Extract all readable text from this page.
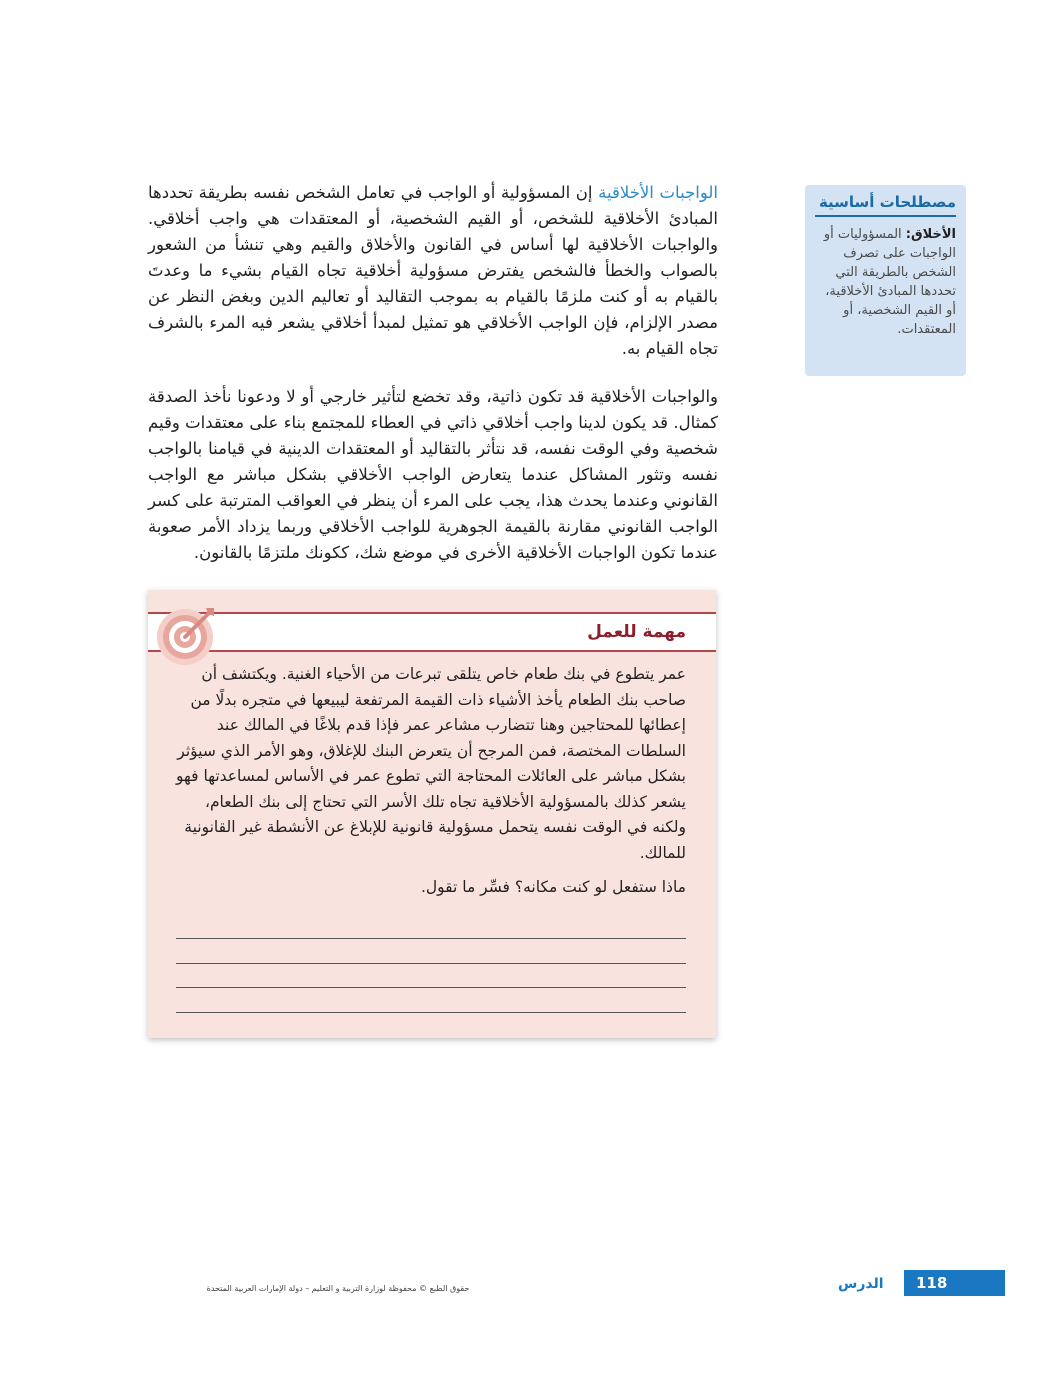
الواجبات الأخلاقية إن المسؤولية أو الواجب في تعامل الشخص نفسه بطريقة تحددها المبادئ الأخلاقية للشخص، أو القيم الشخصية، أو المعتقدات هي واجب أخلاقي. والواجبات الأخلاقية لها أساس في القانون والأخلاق والقيم وهي تنشأ من الشعور بالصواب والخطأ فالشخص يفترض مسؤولية أخلاقية تجاه القيام بشيء ما وعدتَ بالقيام به أو كنت ملزمًا بالقيام به بموجب التقاليد أو تعاليم الدين وبغض النظر عن مصدر الإلزام، فإن الواجب الأخلاقي هو تمثيل لمبدأ أخلاقي يشعر فيه المرء بالشرف تجاه القيام به.

والواجبات الأخلاقية قد تكون ذاتية، وقد تخضع لتأثير خارجي أو لا ودعونا نأخذ الصدقة كمثال. قد يكون لدينا واجب أخلاقي ذاتي في العطاء للمجتمع بناء على معتقدات وقيم شخصية وفي الوقت نفسه، قد نتأثر بالتقاليد أو المعتقدات الدينية في قيامنا بالواجب نفسه وتثور المشاكل عندما يتعارض الواجب الأخلاقي بشكل مباشر مع الواجب القانوني وعندما يحدث هذا، يجب على المرء أن ينظر في العواقب المترتبة على كسر الواجب القانوني مقارنة بالقيمة الجوهرية للواجب الأخلاقي وربما يزداد الأمر صعوبة عندما تكون الواجبات الأخلاقية الأخرى في موضع شك، ككونك ملتزمًا بالقانون.

مصطلحات أساسية
الأخلاق: المسؤوليات أو الواجبات على تصرف الشخص بالطريقة التي تحددها المبادئ الأخلاقية، أو القيم الشخصية، أو المعتقدات.
مهمة للعمل
عمر يتطوع في بنك طعام خاص يتلقى تبرعات من الأحياء الغنية. ويكتشف أن صاحب بنك الطعام يأخذ الأشياء ذات القيمة المرتفعة ليبيعها في متجره بدلًا من إعطائها للمحتاجين وهنا تتضارب مشاعر عمر فإذا قدم بلاغًا في المالك عند السلطات المختصة، فمن المرجح أن يتعرض البنك للإغلاق، وهو الأمر الذي سيؤثر بشكل مباشر على العائلات المحتاجة التي تطوع عمر في الأساس لمساعدتها فهو يشعر كذلك بالمسؤولية الأخلاقية تجاه تلك الأسر التي تحتاج إلى بنك الطعام، ولكنه في الوقت نفسه يتحمل مسؤولية قانونية للإبلاغ عن الأنشطة غير القانونية للمالك.
ماذا ستفعل لو كنت مكانه؟ فسِّر ما تقول.
118
الدرس
حقوق الطبع © محفوظة لوزارة التربية و التعليم – دولة الإمارات العربية المتحدة
